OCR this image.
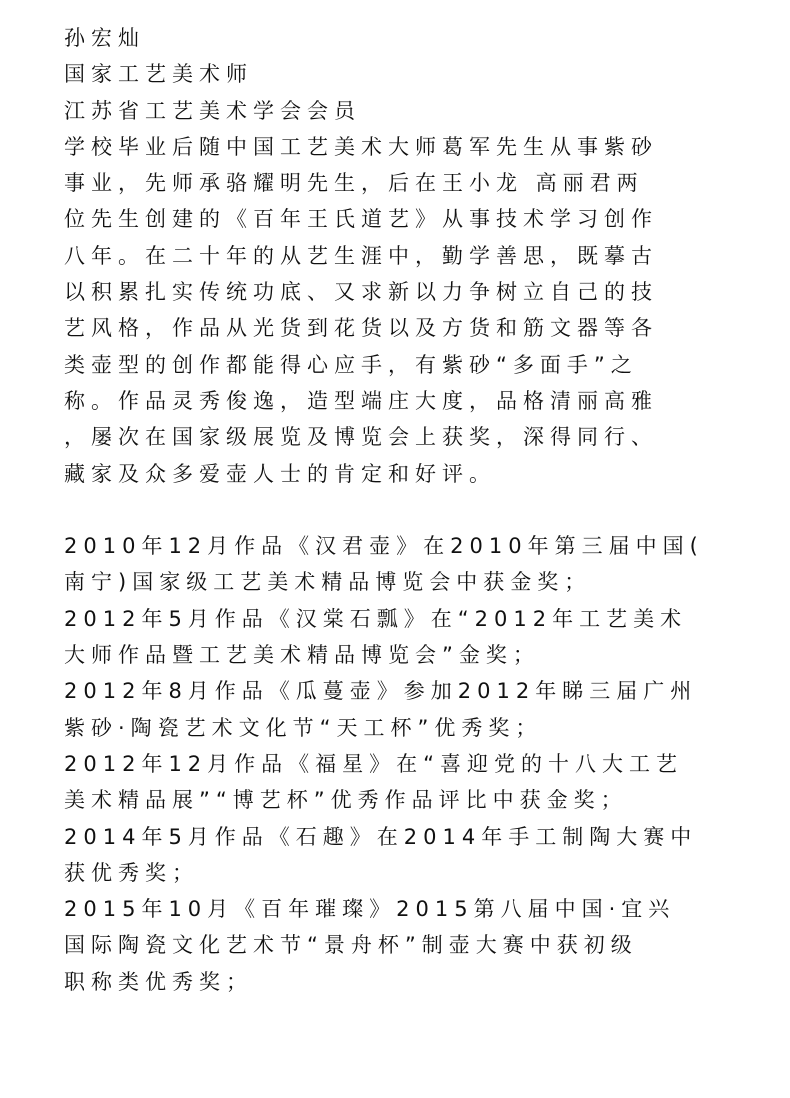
孙宏灿
国家工艺美术师
江苏省工艺美术学会会员
学校毕业后随中国工艺美术大师葛军先生从事紫砂
事业，先师承骆耀明先生，后在王小龙 高丽君两
位先生创建的《百年王氏道艺》从事技术学习创作
八年。在二十年的从艺生涯中，勤学善思，既摹古
以积累扎实传统功底、又求新以力争树立自己的技
艺风格，作品从光货到花货以及方货和筋文器等各
类壶型的创作都能得心应手，有紫砂“多面手”之
称。作品灵秀俊逸，造型端庄大度，品格清丽高雅
，屡次在国家级展览及博览会上获奖，深得同行、
藏家及众多爱壶人士的肯定和好评。
2010年12月作品《汉君壶》在2010年第三届中国(
南宁)国家级工艺美术精品博览会中获金奖；
2012年5月作品《汉棠石瓢》在“2012年工艺美术
大师作品暨工艺美术精品博览会”金奖；
2012年8月作品《瓜蔓壶》参加2012年睇三届广州
紫砂·陶瓷艺术文化节“天工杯”优秀奖；
2012年12月作品《福星》在“喜迎党的十八大工艺
美术精品展”“博艺杯”优秀作品评比中获金奖；
2014年5月作品《石趣》在2014年手工制陶大赛中
获优秀奖；
2015年10月《百年璀璨》2015第八届中国·宜兴
国际陶瓷文化艺术节“景舟杯”制壶大赛中获初级
职称类优秀奖；
